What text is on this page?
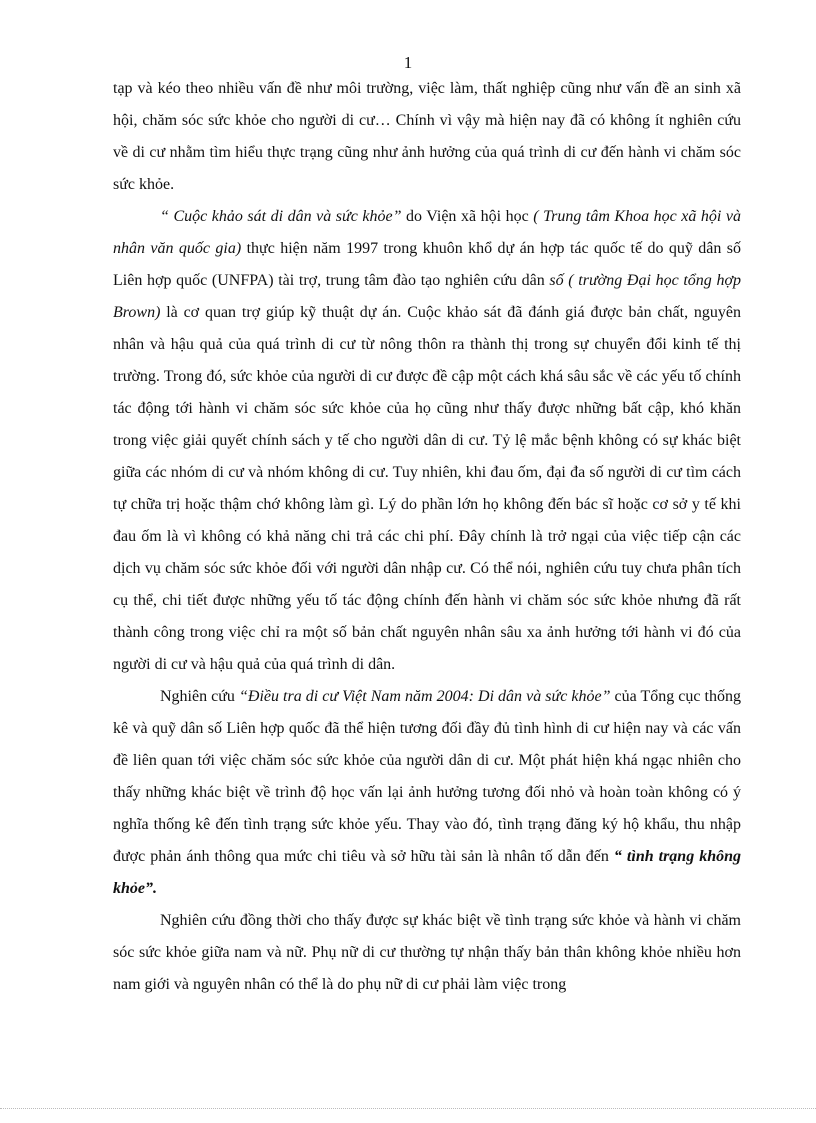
1

tạp và kéo theo nhiều vấn đề như môi trường, việc làm, thất nghiệp cũng như vấn đề an sinh xã hội, chăm sóc sức khỏe cho người di cư… Chính vì vậy mà hiện nay đã có không ít nghiên cứu về di cư nhằm tìm hiểu thực trạng cũng như ảnh hưởng của quá trình di cư đến hành vi chăm sóc sức khỏe.

“ Cuộc khảo sát di dân và sức khỏe” do Viện xã hội học ( Trung tâm Khoa học xã hội và nhân văn quốc gia) thực hiện năm 1997 trong khuôn khổ dự án hợp tác quốc tế do quỹ dân số Liên hợp quốc (UNFPA) tài trợ, trung tâm đào tạo nghiên cứu dân số ( trường Đại học tổng hợp Brown) là cơ quan trợ giúp kỹ thuật dự án. Cuộc khảo sát đã đánh giá được bản chất, nguyên nhân và hậu quả của quá trình di cư từ nông thôn ra thành thị trong sự chuyển đổi kinh tế thị trường. Trong đó, sức khỏe của người di cư được đề cập một cách khá sâu sắc về các yếu tố chính tác động tới hành vi chăm sóc sức khỏe của họ cũng như thấy được những bất cập, khó khăn trong việc giải quyết chính sách y tế cho người dân di cư. Tỷ lệ mắc bệnh không có sự khác biệt giữa các nhóm di cư và nhóm không di cư. Tuy nhiên, khi đau ốm, đại đa số người di cư tìm cách tự chữa trị hoặc thậm chớ không làm gì. Lý do phần lớn họ không đến bác sĩ hoặc cơ sở y tế khi đau ốm là vì không có khả năng chi trả các chi phí. Đây chính là trở ngại của việc tiếp cận các dịch vụ chăm sóc sức khỏe đối với người dân nhập cư. Có thể nói, nghiên cứu tuy chưa phân tích cụ thể, chi tiết được những yếu tố tác động chính đến hành vi chăm sóc sức khỏe nhưng đã rất thành công trong việc chỉ ra một số bản chất nguyên nhân sâu xa ảnh hưởng tới hành vi đó của người di cư và hậu quả của quá trình di dân.

Nghiên cứu “Điều tra di cư Việt Nam năm 2004: Di dân và sức khỏe” của Tổng cục thống kê và quỹ dân số Liên hợp quốc đã thể hiện tương đối đầy đủ tình hình di cư hiện nay và các vấn đề liên quan tới việc chăm sóc sức khỏe của người dân di cư. Một phát hiện khá ngạc nhiên cho thấy những khác biệt về trình độ học vấn lại ảnh hưởng tương đối nhỏ và hoàn toàn không có ý nghĩa thống kê đến tình trạng sức khỏe yếu. Thay vào đó, tình trạng đăng ký hộ khẩu, thu nhập được phản ánh thông qua mức chi tiêu và sở hữu tài sản là nhân tố dẫn đến “ tình trạng không khỏe”.

Nghiên cứu đồng thời cho thấy được sự khác biệt về tình trạng sức khỏe và hành vi chăm sóc sức khỏe giữa nam và nữ. Phụ nữ di cư thường tự nhận thấy bản thân không khỏe nhiều hơn nam giới và nguyên nhân có thể là do phụ nữ di cư phải làm việc trong
